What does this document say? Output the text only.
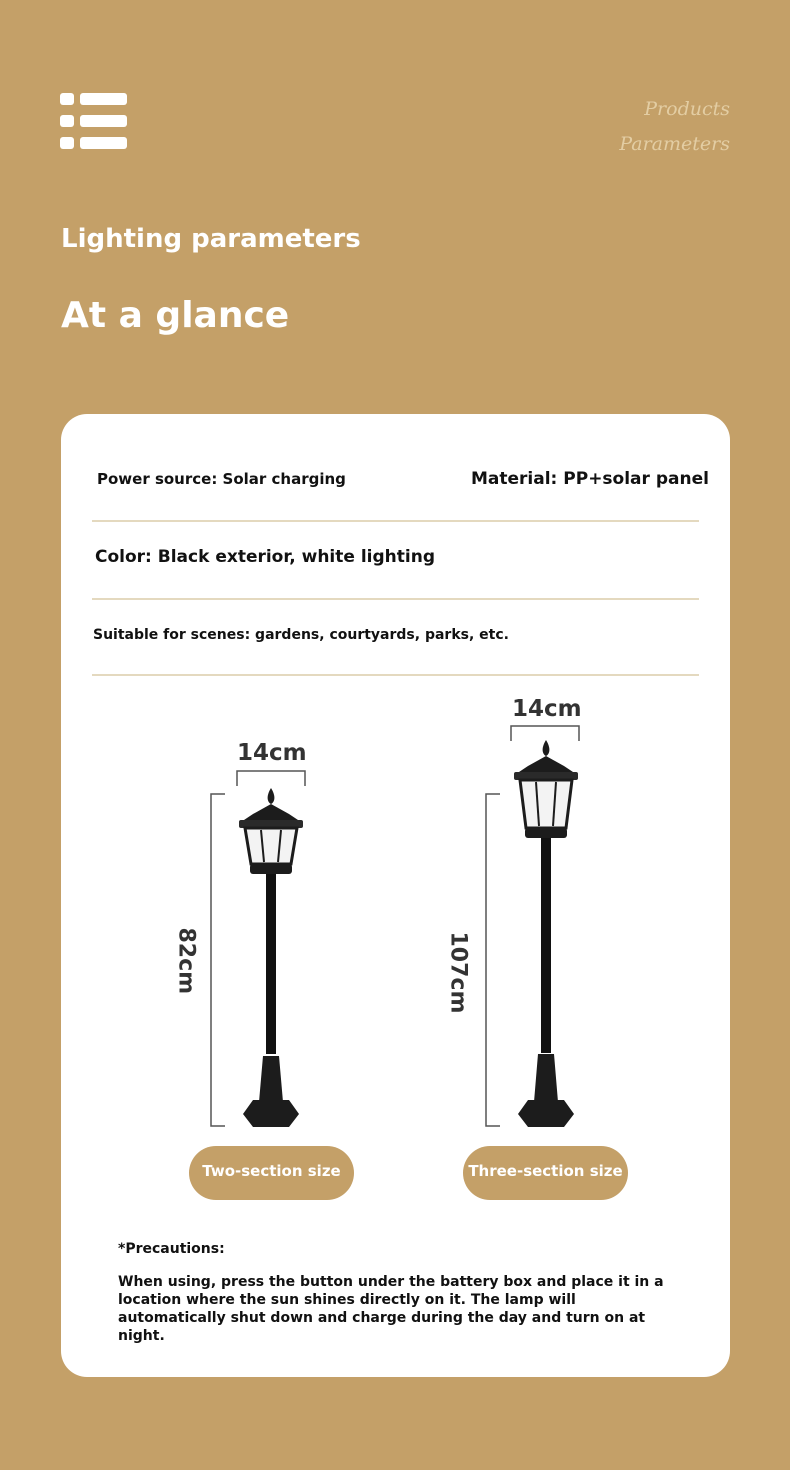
Products
Parameters
Lighting parameters
At a glance

Power source: Solar charging	Material: PP+solar panel

Color: Black exterior, white lighting

Suitable for scenes: gardens, courtyards, parks, etc.

14cm
82cm
Two-section size
14cm
107cm
Three-section size

*Precautions:

When using, press the button under the battery box and place it in a location where the sun shines directly on it. The lamp will automatically shut down and charge during the day and turn on at night.
